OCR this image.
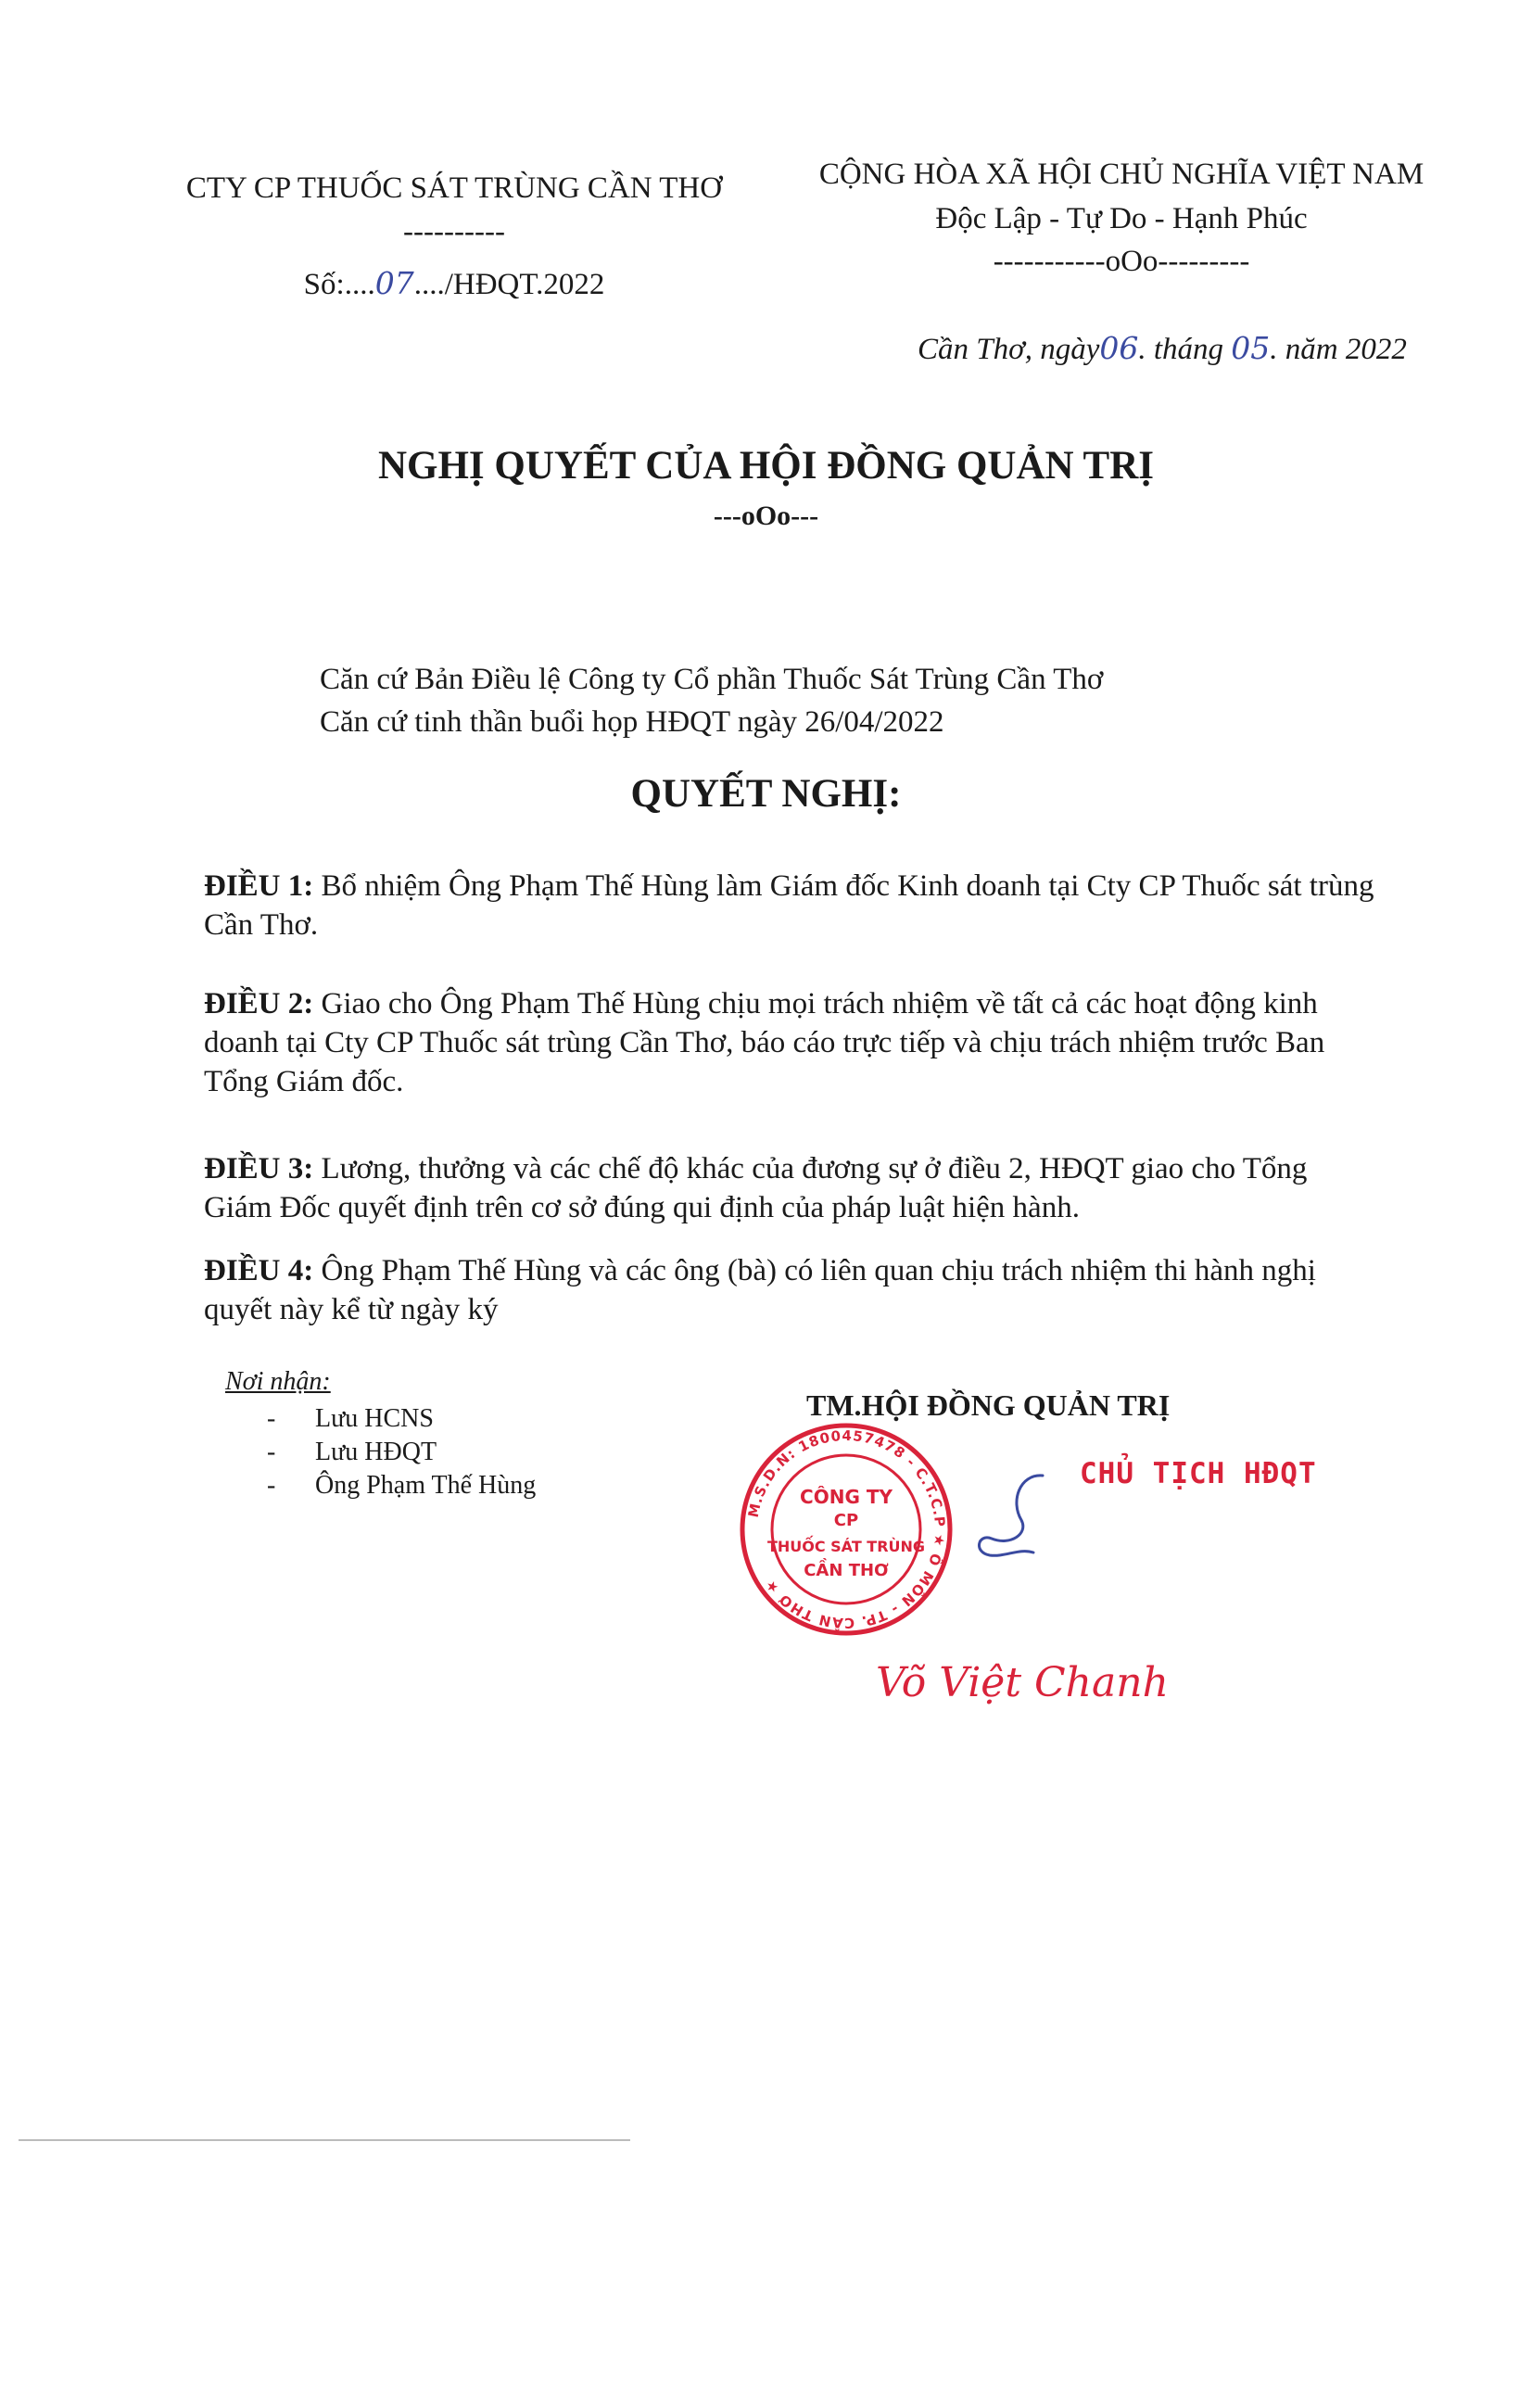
CTY CP THUỐC SÁT TRÙNG CẦN THƠ
----------
Số:....07..../HĐQT.2022
CỘNG HÒA XÃ HỘI CHỦ NGHĨA VIỆT NAM
Độc Lập - Tự Do - Hạnh Phúc
-----------oOo---------
Cần Thơ, ngày06. tháng 05. năm 2022
NGHỊ QUYẾT CỦA HỘI ĐỒNG QUẢN TRỊ
---oOo---
Căn cứ Bản Điều lệ Công ty Cổ phần Thuốc Sát Trùng Cần Thơ
Căn cứ tinh thần buổi họp HĐQT ngày 26/04/2022
QUYẾT NGHỊ:
ĐIỀU 1: Bổ nhiệm Ông Phạm Thế Hùng làm Giám đốc Kinh doanh tại Cty CP Thuốc sát trùng Cần Thơ.
ĐIỀU 2: Giao cho Ông Phạm Thế Hùng chịu mọi trách nhiệm về tất cả các hoạt động kinh doanh tại Cty CP Thuốc sát trùng Cần Thơ, báo cáo trực tiếp và chịu trách nhiệm trước Ban Tổng Giám đốc.
ĐIỀU 3: Lương, thưởng và các chế độ khác của đương sự ở điều 2, HĐQT giao cho Tổng Giám Đốc quyết định trên cơ sở đúng qui định của pháp luật hiện hành.
ĐIỀU 4: Ông Phạm Thế Hùng và các ông (bà) có liên quan chịu trách nhiệm thi hành nghị quyết này kể từ ngày ký
Nơi nhận:
-	Lưu HCNS
-	Lưu HĐQT
-	Ông Phạm Thế Hùng
TM.HỘI ĐỒNG QUẢN TRỊ
CHỦ TỊCH HĐQT
M.S.D.N: 1800457478 - C.T.C.P ★ Ô MÔN - TP. CẦN THƠ ★
CÔNG TY
CP
THUỐC SÁT TRÙNG
CẦN THƠ
Võ Việt Chanh
